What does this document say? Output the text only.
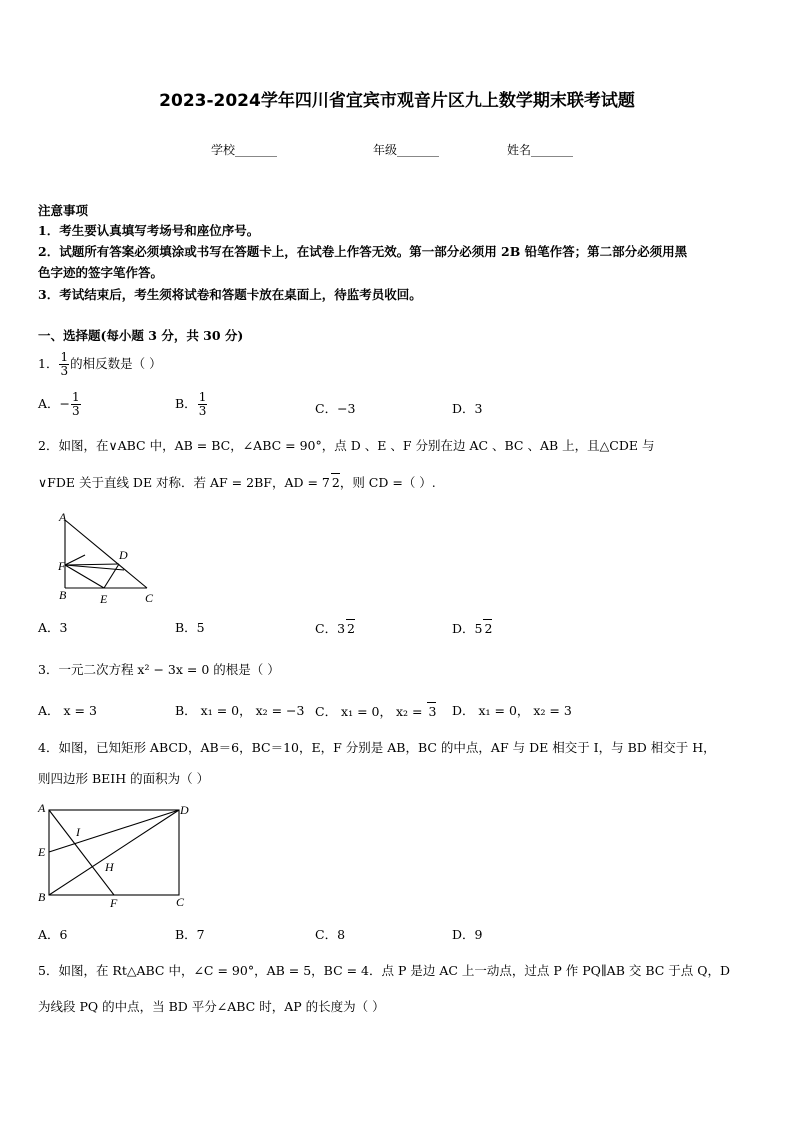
2023-2024学年四川省宜宾市观音片区九上数学期末联考试题
学校_______	年级_______	姓名_______
注意事项
1．考生要认真填写考场号和座位序号。
2．试题所有答案必须填涂或书写在答题卡上，在试卷上作答无效。第一部分必须用 2B 铅笔作答；第二部分必须用黑
色字迹的签字笔作答。
3．考试结束后，考生须将试卷和答题卡放在桌面上，待监考员收回。
一、选择题(每小题 3 分，共 30 分)
1． $\frac{1}{3}$ 的相反数是（ ）
A．− $\frac{1}{3}$	B． $\frac{1}{3}$	C．−3	D．3
2．如图，在∨ABC 中，AB = BC，∠ABC = 90°，点 D 、E 、F 分别在边 AC 、BC 、AB 上，且△CDE 与
∨FDE 关于直线 DE 对称．若 AF = 2BF，AD = 7 2，则 CD =（ ）.
A
B	C
D
E
F
A．3	B．5	C．3 2	D．5 2
3．一元二次方程 x² − 3x = 0 的根是（ ）
A． x = 3	B． x₁ = 0， x₂ = −3 C． x₁ = 0， x₂ = 3 D． x₁ = 0， x₂ = 3
4．如图，已知矩形 ABCD，AB＝6，BC＝10，E，F 分别是 AB，BC 的中点，AF 与 DE 相交于 I，与 BD 相交于 H，
则四边形 BEIH 的面积为（ ）
A
B	C
D
E
F
I
H
A．6	B．7	C．8	D．9
5．如图，在 Rt△ABC 中，∠C = 90°，AB = 5，BC = 4．点 P 是边 AC 上一动点，过点 P 作 PQ∥AB 交 BC 于点 Q，D
为线段 PQ 的中点，当 BD 平分∠ABC 时，AP 的长度为（ ）
